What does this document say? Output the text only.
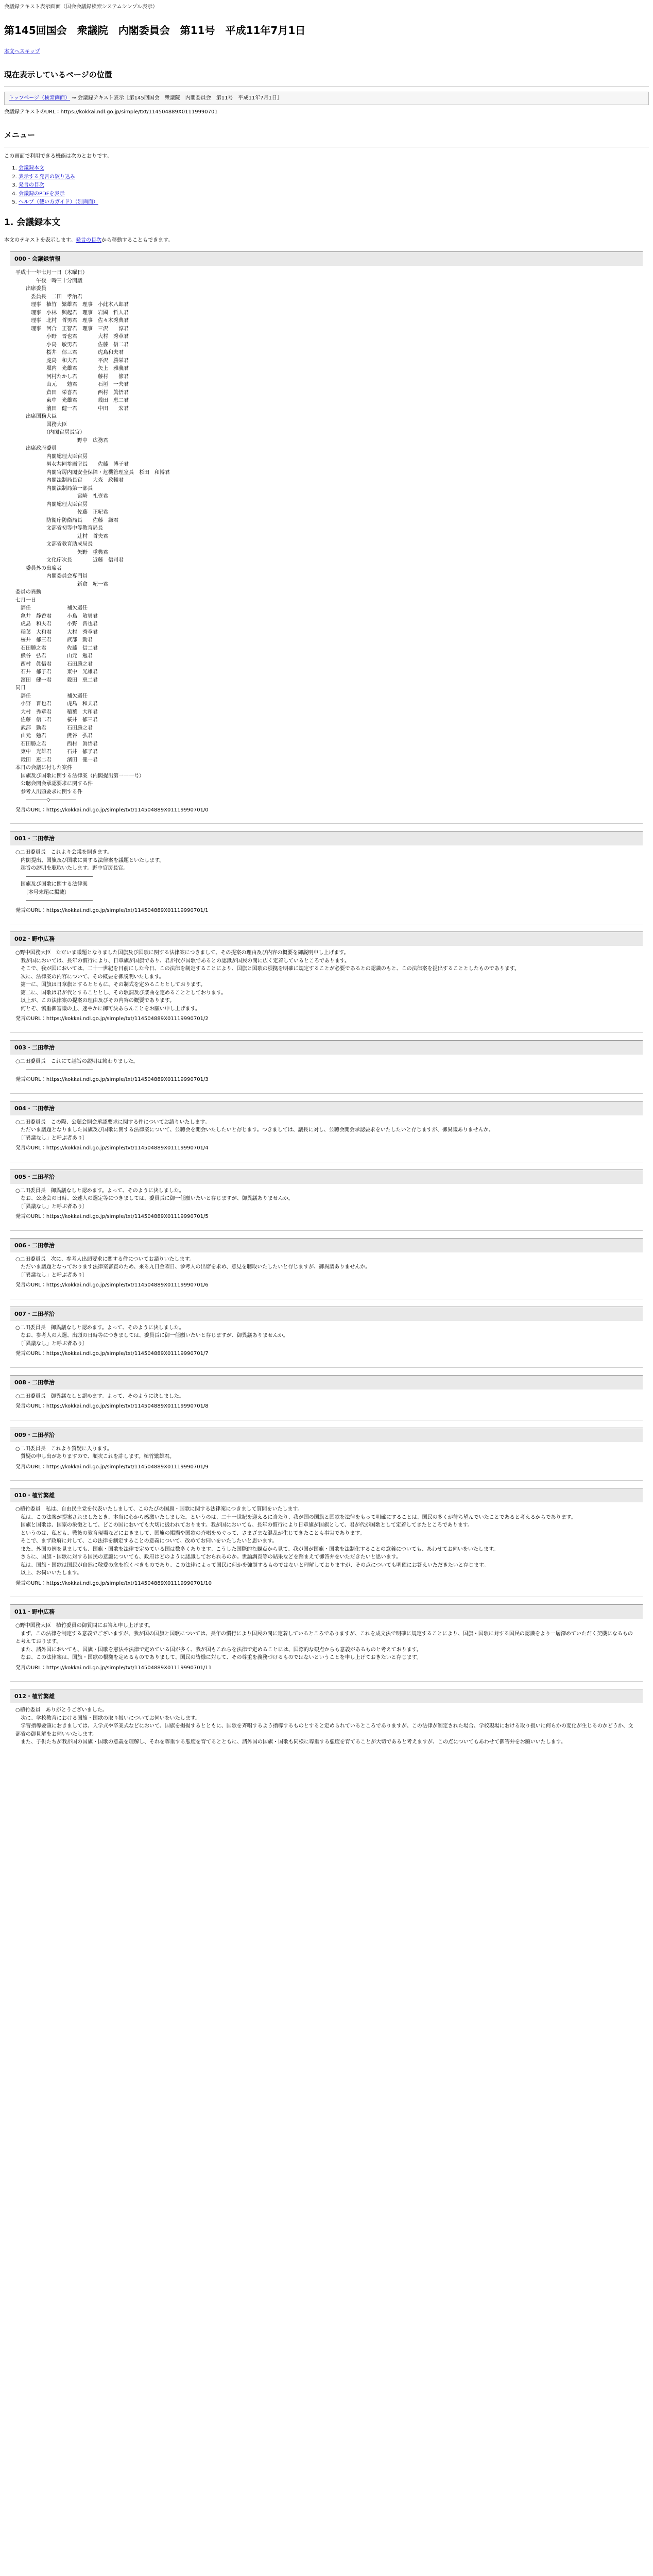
会議録テキスト表示画面（国会会議録検索システムシンプル表示）
第145回国会　衆議院　内閣委員会　第11号　平成11年7月1日
本文へスキップ
現在表示しているページの位置
トップページ（検索画面） → 会議録テキスト表示［第145回国会　衆議院　内閣委員会　第11号　平成11年7月1日］
会議録テキストのURL：https://kokkai.ndl.go.jp/simple/txt/114504889X01119990701
メニュー
この画面で利用できる機能は次のとおりです。
1. 会議録本文
2. 表示する発言の絞り込み
3. 発言の目次
4. 会議録のPDFを表示
5. ヘルプ（使い方ガイド）（別画面）
1. 会議録本文
本文のテキストを表示します。発言の目次から移動することもできます。
000・会議録情報
平成十一年七月一日（木曜日）
　　　　午後一時三十分開議
　　出席委員
　　　委員長　二田　孝治君
　　　理事　植竹　繁雄君　理事　小此木八郎君
　　　理事　小林　興起君　理事　岩國　哲人君
　　　理事　北村　哲男君　理事　佐々木秀典君
　　　理事　河合　正智君　理事　三沢　　淳君
　　　　　　小野　晋也君　　　　大村　秀章君
　　　　　　小島　敏男君　　　　佐藤　信二君
　　　　　　桜井　郁三君　　　　虎島和夫君
　　　　　　虎島　和夫君　　　　平沢　勝栄君
　　　　　　堀内　光雄君　　　　矢上　雅義君
　　　　　　河村たかし君　　　　藤村　　修君
　　　　　　山元　　勉君　　　　石垣　一夫君
　　　　　　倉田　栄喜君　　　　西村　眞悟君
　　　　　　東中　光雄君　　　　穀田　恵二君
　　　　　　濱田　健一君　　　　中田　　宏君
　　出席国務大臣
　　　　　　国務大臣
　　　　　　（内閣官房長官）
　　　　　　　　　　　　野中　広務君
　　出席政府委員
　　　　　　内閣総理大臣官房
　　　　　　男女共同参画室長　　佐藤　博子君
　　　　　　内閣官房内閣安全保障・危機管理室長　杉田　和博君
　　　　　　内閣法制局長官　　大森　政輔君
　　　　　　内閣法制局第一部長
　　　　　　　　　　　　宮崎　礼壹君
　　　　　　内閣総理大臣官房
　　　　　　　　　　　　佐藤　正紀君
　　　　　　防衛庁防衛局長　　佐藤　謙君
　　　　　　文部省初等中等教育局長
　　　　　　　　　　　　辻村　哲夫君
　　　　　　文部省教育助成局長
　　　　　　　　　　　　矢野　重典君
　　　　　　文化庁次長　　　　近藤　信司君
　　委員外の出席者
　　　　　　内閣委員会専門員
　　　　　　　　　　　　新倉　紀一君
委員の異動
七月一日
　辞任　　　　　　　補欠選任
　亀井　静香君　　　小島　敏男君
　虎島　和夫君　　　小野　晋也君
　稲葉　大和君　　　大村　秀章君
　桜井　郁三君　　　武部　勤君
　石田勝之君　　　　佐藤　信二君
　熊谷　弘君　　　　山元　勉君
　西村　眞悟君　　　石田勝之君
　石井　郁子君　　　東中　光雄君
　濱田　健一君　　　穀田　恵二君
同日
　辞任　　　　　　　補欠選任
　小野　晋也君　　　虎島　和夫君
　大村　秀章君　　　稲葉　大和君
　佐藤　信二君　　　桜井　郁三君
　武部　勤君　　　　石田勝之君
　山元　勉君　　　　熊谷　弘君
　石田勝之君　　　　西村　眞悟君
　東中　光雄君　　　石井　郁子君
　穀田　恵二君　　　濱田　健一君
本日の会議に付した案件
　国旗及び国歌に関する法律案（内閣提出第一一一号）
　公聴会開会承認要求に関する件
　参考人出頭要求に関する件
　　――――◇―――――
発言のURL：https://kokkai.ndl.go.jp/simple/txt/114504889X01119990701/0
001・二田孝治
○二田委員長　これより会議を開きます。
　内閣提出、国旗及び国歌に関する法律案を議題といたします。
　趣旨の説明を聴取いたします。野中官房長官。
　　―――――――――――――
　国旗及び国歌に関する法律案
　　〔本号末尾に掲載〕
　　―――――――――――――
発言のURL：https://kokkai.ndl.go.jp/simple/txt/114504889X01119990701/1
002・野中広務
○野中国務大臣　ただいま議題となりました国旗及び国歌に関する法律案につきまして、その提案の理由及び内容の概要を御説明申し上げます。
　我が国においては、長年の慣行により、日章旗が国旗であり、君が代が国歌であるとの認識が国民の間に広く定着しているところであります。
　そこで、我が国においては、二十一世紀を目前にした今日、この法律を制定することにより、国旗と国歌の根拠を明確に規定することが必要であるとの認識のもと、この法律案を提出することとしたものであります。
　次に、法律案の内容について、その概要を御説明いたします。
　第一に、国旗は日章旗とするとともに、その制式を定めることとしております。
　第二に、国歌は君が代とすることとし、その歌詞及び楽曲を定めることとしております。
　以上が、この法律案の提案の理由及びその内容の概要であります。
　何とぞ、慎重御審議の上、速やかに御可決あらんことをお願い申し上げます。
発言のURL：https://kokkai.ndl.go.jp/simple/txt/114504889X01119990701/2
003・二田孝治
○二田委員長　これにて趣旨の説明は終わりました。
　　―――――――――――――
発言のURL：https://kokkai.ndl.go.jp/simple/txt/114504889X01119990701/3
004・二田孝治
○二田委員長　この際、公聴会開会承認要求に関する件についてお諮りいたします。
　ただいま議題となりました国旗及び国歌に関する法律案について、公聴会を開会いたしたいと存じます。つきましては、議長に対し、公聴会開会承認要求をいたしたいと存じますが、御異議ありませんか。
　〔「異議なし」と呼ぶ者あり〕
発言のURL：https://kokkai.ndl.go.jp/simple/txt/114504889X01119990701/4
005・二田孝治
○二田委員長　御異議なしと認めます。よって、そのように決しました。
　なお、公聴会の日時、公述人の選定等につきましては、委員長に御一任願いたいと存じますが、御異議ありませんか。
　〔「異議なし」と呼ぶ者あり〕
発言のURL：https://kokkai.ndl.go.jp/simple/txt/114504889X01119990701/5
006・二田孝治
○二田委員長　次に、参考人出頭要求に関する件についてお諮りいたします。
　ただいま議題となっております法律案審査のため、来る九日金曜日、参考人の出席を求め、意見を聴取いたしたいと存じますが、御異議ありませんか。
　〔「異議なし」と呼ぶ者あり〕
発言のURL：https://kokkai.ndl.go.jp/simple/txt/114504889X01119990701/6
007・二田孝治
○二田委員長　御異議なしと認めます。よって、そのように決しました。
　なお、参考人の人選、出頭の日時等につきましては、委員長に御一任願いたいと存じますが、御異議ありませんか。
　〔「異議なし」と呼ぶ者あり〕
発言のURL：https://kokkai.ndl.go.jp/simple/txt/114504889X01119990701/7
008・二田孝治
○二田委員長　御異議なしと認めます。よって、そのように決しました。
発言のURL：https://kokkai.ndl.go.jp/simple/txt/114504889X01119990701/8
009・二田孝治
○二田委員長　これより質疑に入ります。
　質疑の申し出がありますので、順次これを許します。植竹繁雄君。
発言のURL：https://kokkai.ndl.go.jp/simple/txt/114504889X01119990701/9
010・植竹繁雄
○植竹委員　私は、自由民主党を代表いたしまして、このたびの国旗・国歌に関する法律案につきまして質問をいたします。
　私は、この法案が提案されましたとき、本当に心から感激いたしました。というのは、二十一世紀を迎えるに当たり、我が国の国旗と国歌を法律をもって明確にすることは、国民の多くが待ち望んでいたことであると考えるからであります。
　国旗と国歌は、国家の象徴として、どこの国においても大切に扱われております。我が国においても、長年の慣行により日章旗が国旗として、君が代が国歌として定着してきたところであります。
　というのは、私ども、戦後の教育現場などにおきまして、国旗の掲揚や国歌の斉唱をめぐって、さまざまな混乱が生じてきたことも事実であります。
　そこで、まず政府に対して、この法律を制定することの意義について、改めてお伺いをいたしたいと思います。
　また、外国の例を見ましても、国旗・国歌を法律で定めている国は数多くあります。こうした国際的な観点から見て、我が国が国旗・国歌を法制化することの意義についても、あわせてお伺いをいたします。
　さらに、国旗・国歌に対する国民の意識についても、政府はどのように認識しておられるのか。世論調査等の結果などを踏まえて御答弁をいただきたいと思います。
　私は、国旗・国歌は国民が自然に敬愛の念を抱くべきものであり、この法律によって国民に何かを強制するものではないと理解しておりますが、その点についても明確にお答えいただきたいと存じます。
　以上、お伺いいたします。
発言のURL：https://kokkai.ndl.go.jp/simple/txt/114504889X01119990701/10
011・野中広務
○野中国務大臣　植竹委員の御質問にお答え申し上げます。
　まず、この法律を制定する意義でございますが、我が国の国旗と国歌については、長年の慣行により国民の間に定着しているところでありますが、これを成文法で明確に規定することにより、国旗・国歌に対する国民の認識をより一層深めていただく契機になるものと考えております。
　また、諸外国においても、国旗・国歌を憲法や法律で定めている国が多く、我が国もこれらを法律で定めることには、国際的な観点からも意義があるものと考えております。
　なお、この法律案は、国旗・国歌の根拠を定めるものでありまして、国民の皆様に対して、その尊重を義務づけるものではないということを申し上げておきたいと存じます。
発言のURL：https://kokkai.ndl.go.jp/simple/txt/114504889X01119990701/11
012・植竹繁雄
○植竹委員　ありがとうございました。
　次に、学校教育における国旗・国歌の取り扱いについてお伺いをいたします。
　学習指導要領におきましては、入学式や卒業式などにおいて、国旗を掲揚するとともに、国歌を斉唱するよう指導するものとすると定められているところでありますが、この法律が制定された場合、学校現場における取り扱いに何らかの変化が生じるのかどうか、文部省の御見解をお伺いいたします。
　また、子供たちが我が国の国旗・国歌の意義を理解し、それを尊重する態度を育てるとともに、諸外国の国旗・国歌も同様に尊重する態度を育てることが大切であると考えますが、この点についてもあわせて御答弁をお願いいたします。
